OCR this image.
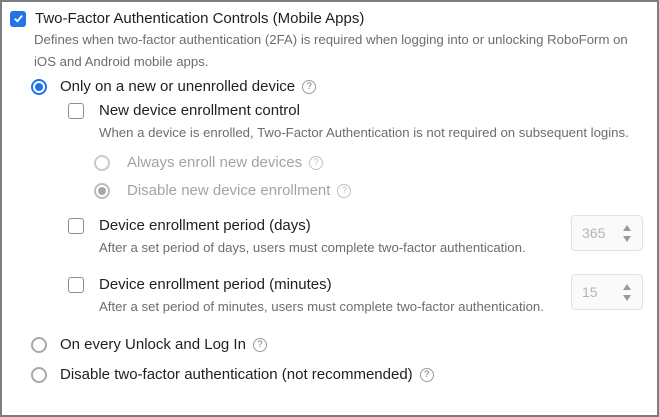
Two-Factor Authentication Controls (Mobile Apps)
Defines when two-factor authentication (2FA) is required when logging into or unlocking RoboForm on iOS and Android mobile apps.
Only on a new or unenrolled device	?
New device enrollment control
When a device is enrolled, Two-Factor Authentication is not required on subsequent logins.
Always enroll new devices	?
Disable new device enrollment	?
Device enrollment period (days)
After a set period of days, users must complete two-factor authentication.
365
Device enrollment period (minutes)
After a set period of minutes, users must complete two-factor authentication.
15
On every Unlock and Log In	?
Disable two-factor authentication (not recommended)	?
